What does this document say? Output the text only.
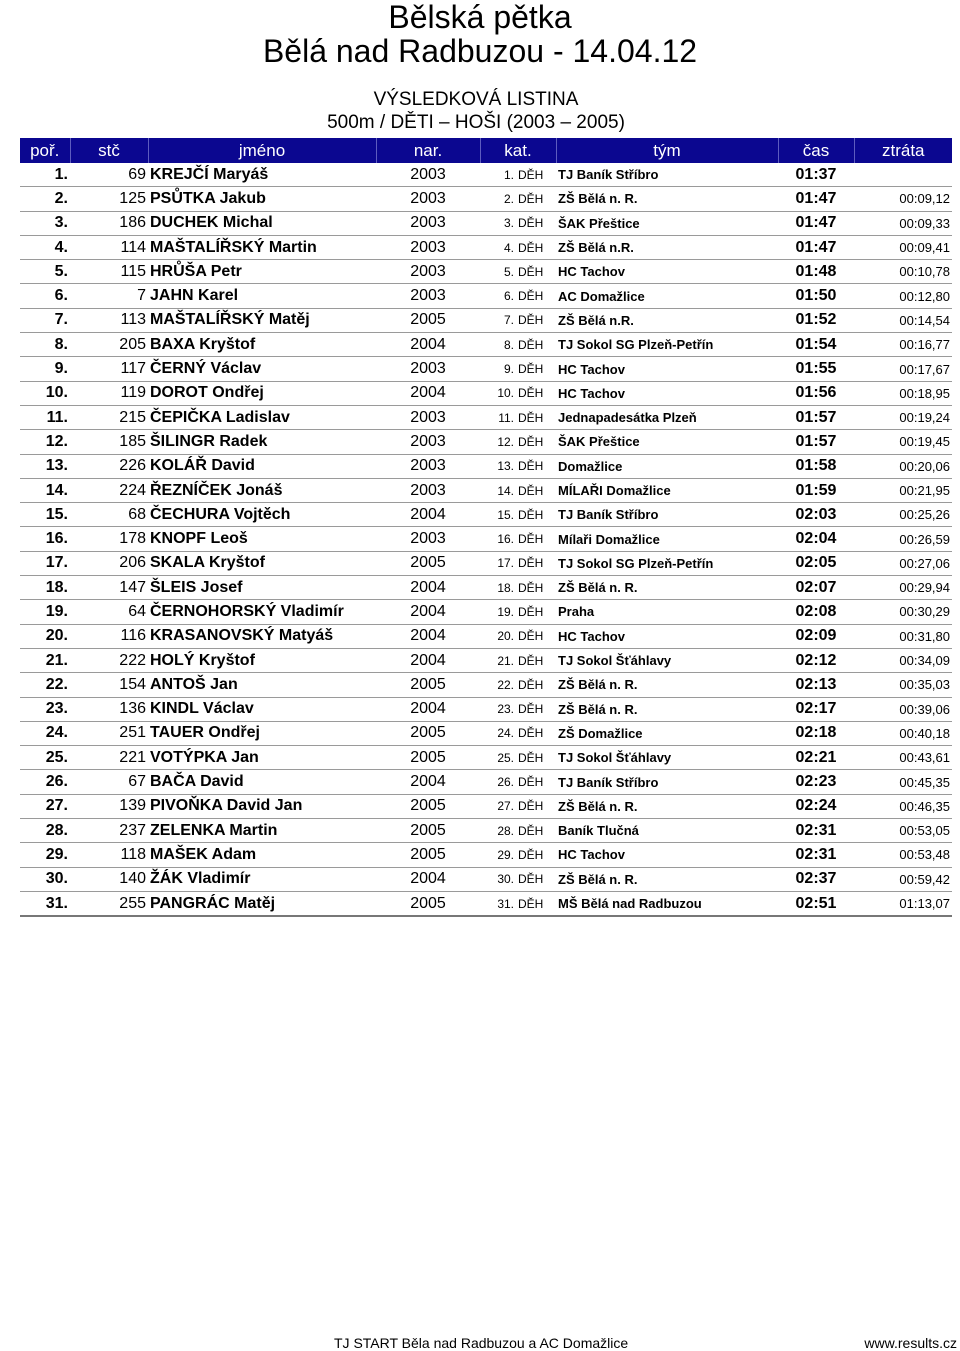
Bělská pětka
Bělá nad Radbuzou - 14.04.12
VÝSLEDKOVÁ LISTINA
500m / DĚTI – HOŠI (2003 – 2005)
poř.	stč	jméno	nar.	kat.		tým	čas	ztráta
1.	69	KREJČÍ Maryáš	2003	1.	DĚH	TJ Baník Stříbro	01:37	
2.	125	PSŮTKA Jakub	2003	2.	DĚH	ZŠ Bělá n. R.	01:47	00:09,12
3.	186	DUCHEK Michal	2003	3.	DĚH	ŠAK Přeštice	01:47	00:09,33
4.	114	MAŠTALÍŘSKÝ Martin	2003	4.	DĚH	ZŠ Bělá n.R.	01:47	00:09,41
5.	115	HRŮŠA Petr	2003	5.	DĚH	HC Tachov	01:48	00:10,78
6.	7	JAHN Karel	2003	6.	DĚH	AC Domažlice	01:50	00:12,80
7.	113	MAŠTALÍŘSKÝ Matěj	2005	7.	DĚH	ZŠ Bělá n.R.	01:52	00:14,54
8.	205	BAXA Kryštof	2004	8.	DĚH	TJ Sokol SG Plzeň-Petřín	01:54	00:16,77
9.	117	ČERNÝ Václav	2003	9.	DĚH	HC Tachov	01:55	00:17,67
10.	119	DOROT Ondřej	2004	10.	DĚH	HC Tachov	01:56	00:18,95
11.	215	ČEPIČKA Ladislav	2003	11.	DĚH	Jednapadesátka Plzeň	01:57	00:19,24
12.	185	ŠILINGR Radek	2003	12.	DĚH	ŠAK Přeštice	01:57	00:19,45
13.	226	KOLÁŘ David	2003	13.	DĚH	Domažlice	01:58	00:20,06
14.	224	ŘEZNÍČEK Jonáš	2003	14.	DĚH	MÍLAŘI Domažlice	01:59	00:21,95
15.	68	ČECHURA Vojtěch	2004	15.	DĚH	TJ Baník Stříbro	02:03	00:25,26
16.	178	KNOPF Leoš	2003	16.	DĚH	Mílaři Domažlice	02:04	00:26,59
17.	206	SKALA Kryštof	2005	17.	DĚH	TJ Sokol SG Plzeň-Petřín	02:05	00:27,06
18.	147	ŠLEIS Josef	2004	18.	DĚH	ZŠ Bělá n. R.	02:07	00:29,94
19.	64	ČERNOHORSKÝ Vladimír	2004	19.	DĚH	Praha	02:08	00:30,29
20.	116	KRASANOVSKÝ Matyáš	2004	20.	DĚH	HC Tachov	02:09	00:31,80
21.	222	HOLÝ Kryštof	2004	21.	DĚH	TJ Sokol Šťáhlavy	02:12	00:34,09
22.	154	ANTOŠ Jan	2005	22.	DĚH	ZŠ Bělá n. R.	02:13	00:35,03
23.	136	KINDL Václav	2004	23.	DĚH	ZŠ Bělá n. R.	02:17	00:39,06
24.	251	TAUER Ondřej	2005	24.	DĚH	ZŠ Domažlice	02:18	00:40,18
25.	221	VOTÝPKA Jan	2005	25.	DĚH	TJ Sokol Šťáhlavy	02:21	00:43,61
26.	67	BAČA David	2004	26.	DĚH	TJ Baník Stříbro	02:23	00:45,35
27.	139	PIVOŇKA David Jan	2005	27.	DĚH	ZŠ Bělá n. R.	02:24	00:46,35
28.	237	ZELENKA Martin	2005	28.	DĚH	Baník Tlučná	02:31	00:53,05
29.	118	MAŠEK Adam	2005	29.	DĚH	HC Tachov	02:31	00:53,48
30.	140	ŽÁK Vladimír	2004	30.	DĚH	ZŠ Bělá n. R.	02:37	00:59,42
31.	255	PANGRÁC Matěj	2005	31.	DĚH	MŠ Bělá nad Radbuzou	02:51	01:13,07
TJ START Běla nad Radbuzou a AC Domažlice	www.results.cz
